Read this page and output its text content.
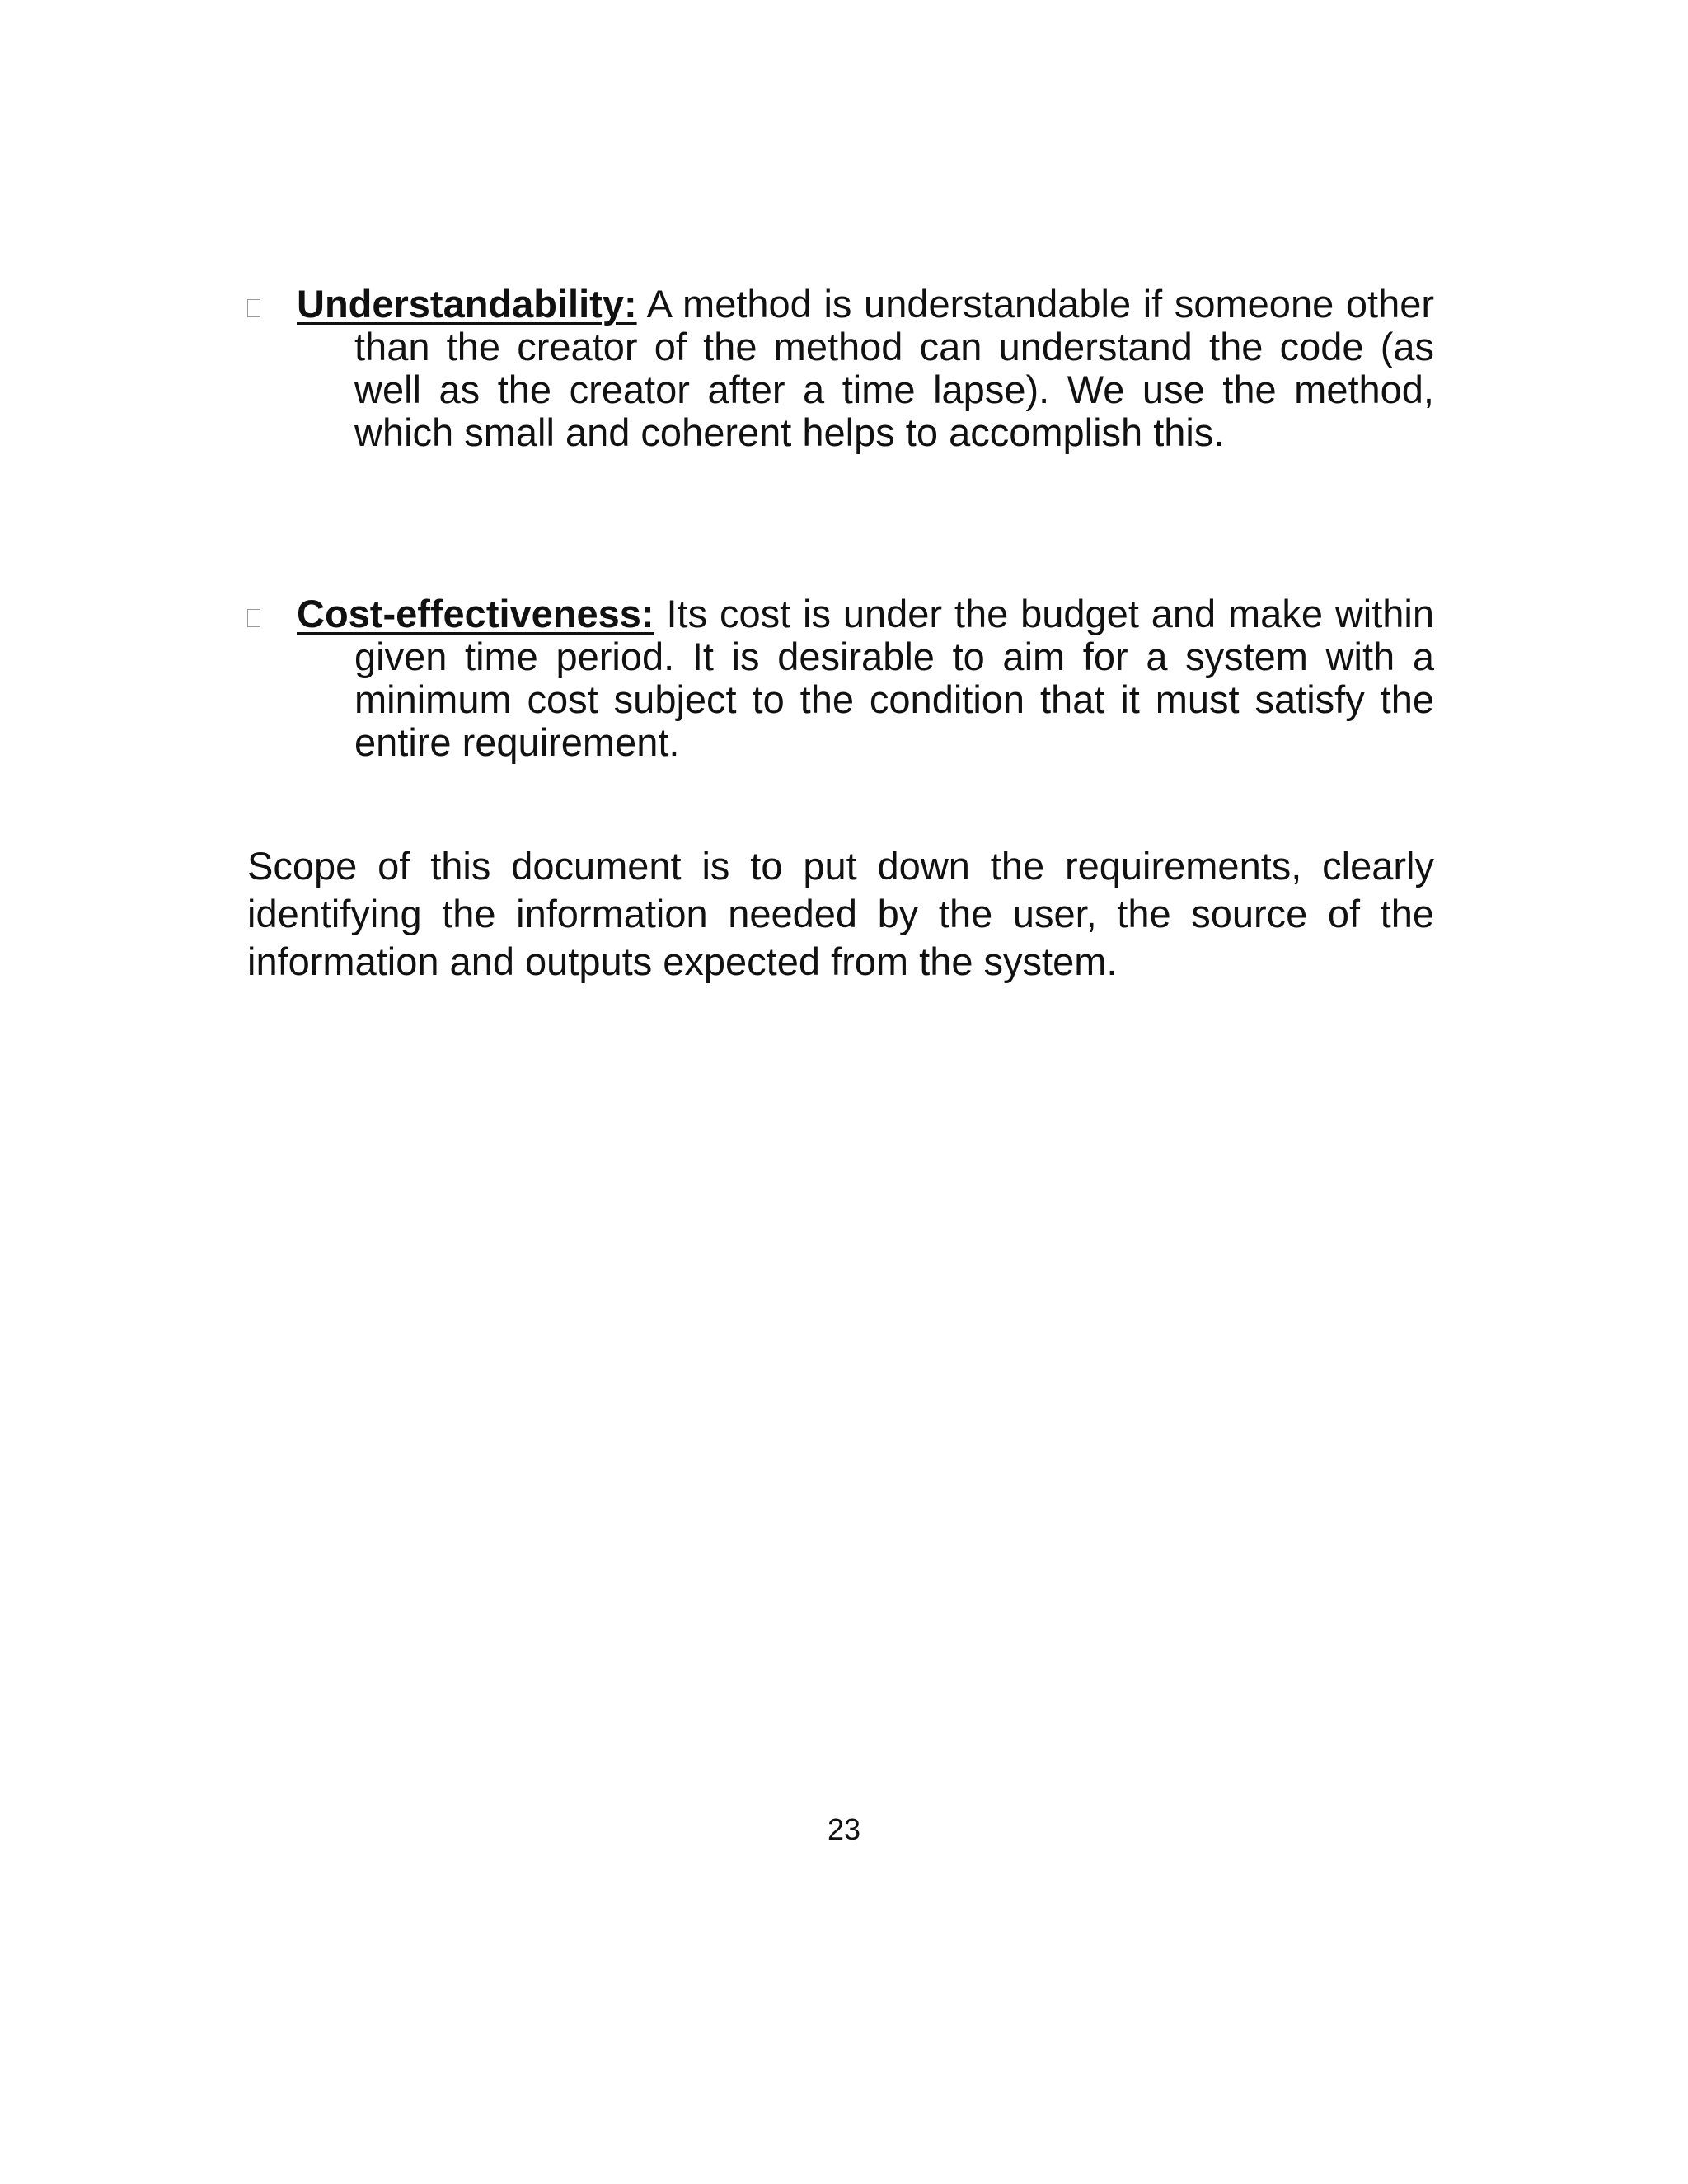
Understandability: A method is understandable if someone other
than the creator of the method can understand the code (as
well as the creator after a time lapse). We use the method,
which small and coherent helps to accomplish this.
Cost-effectiveness: Its cost is under the budget and make within
given time period. It is desirable to aim for a system with a
minimum cost subject to the condition that it must satisfy the
entire requirement.
Scope of this document is to put down the requirements, clearly
identifying the information needed by the user, the source of the
information and outputs expected from the system.
23
